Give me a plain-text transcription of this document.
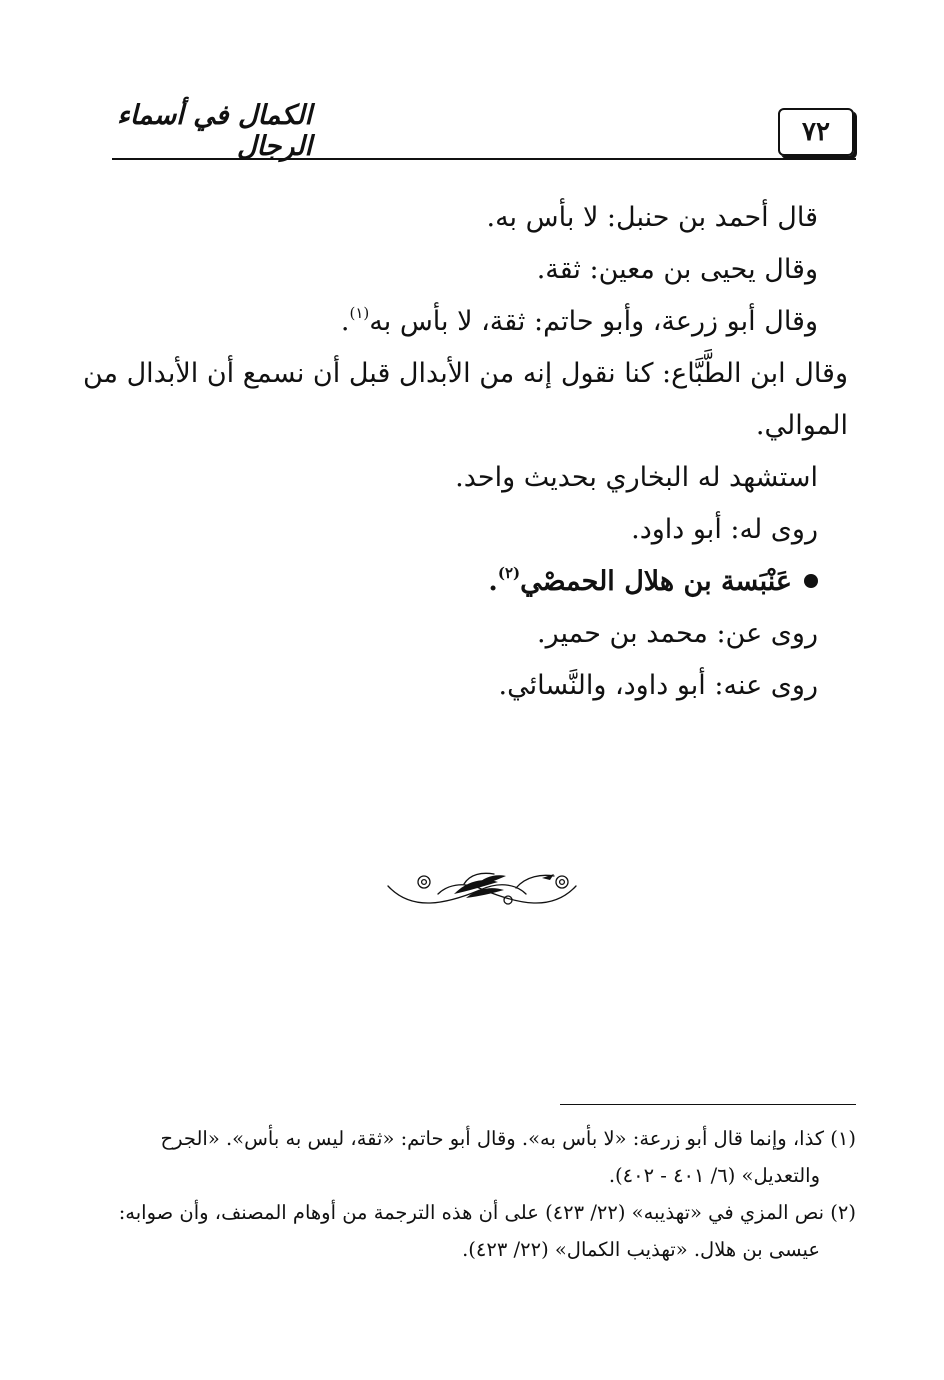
٧٢
الكمال في أسماء الرجال
قال أحمد بن حنبل: لا بأس به.
وقال يحيى بن معين: ثقة.
وقال أبو زرعة، وأبو حاتم: ثقة، لا بأس به$^{(١)}$.
وقال ابن الطَّبَّاع: كنا نقول إنه من الأبدال قبل أن نسمع أن الأبدال من
الموالي.
استشهد له البخاري بحديث واحد.
روى له: أبو داود.
عَنْبَسة بن هلال الحمصْي$^{(٢)}$.
روى عن: محمد بن حمير.
روى عنه: أبو داود، والنَّسائي.
(١) كذا، وإنما قال أبو زرعة: «لا بأس به». وقال أبو حاتم: «ثقة، ليس به بأس». «الجرح
والتعديل» (٦/ ٤٠١ - ٤٠٢).
(٢) نص المزي في «تهذيبه» (٢٢/ ٤٢٣) على أن هذه الترجمة من أوهام المصنف، وأن صوابه:
عيسى بن هلال. «تهذيب الكمال» (٢٢/ ٤٢٣).
